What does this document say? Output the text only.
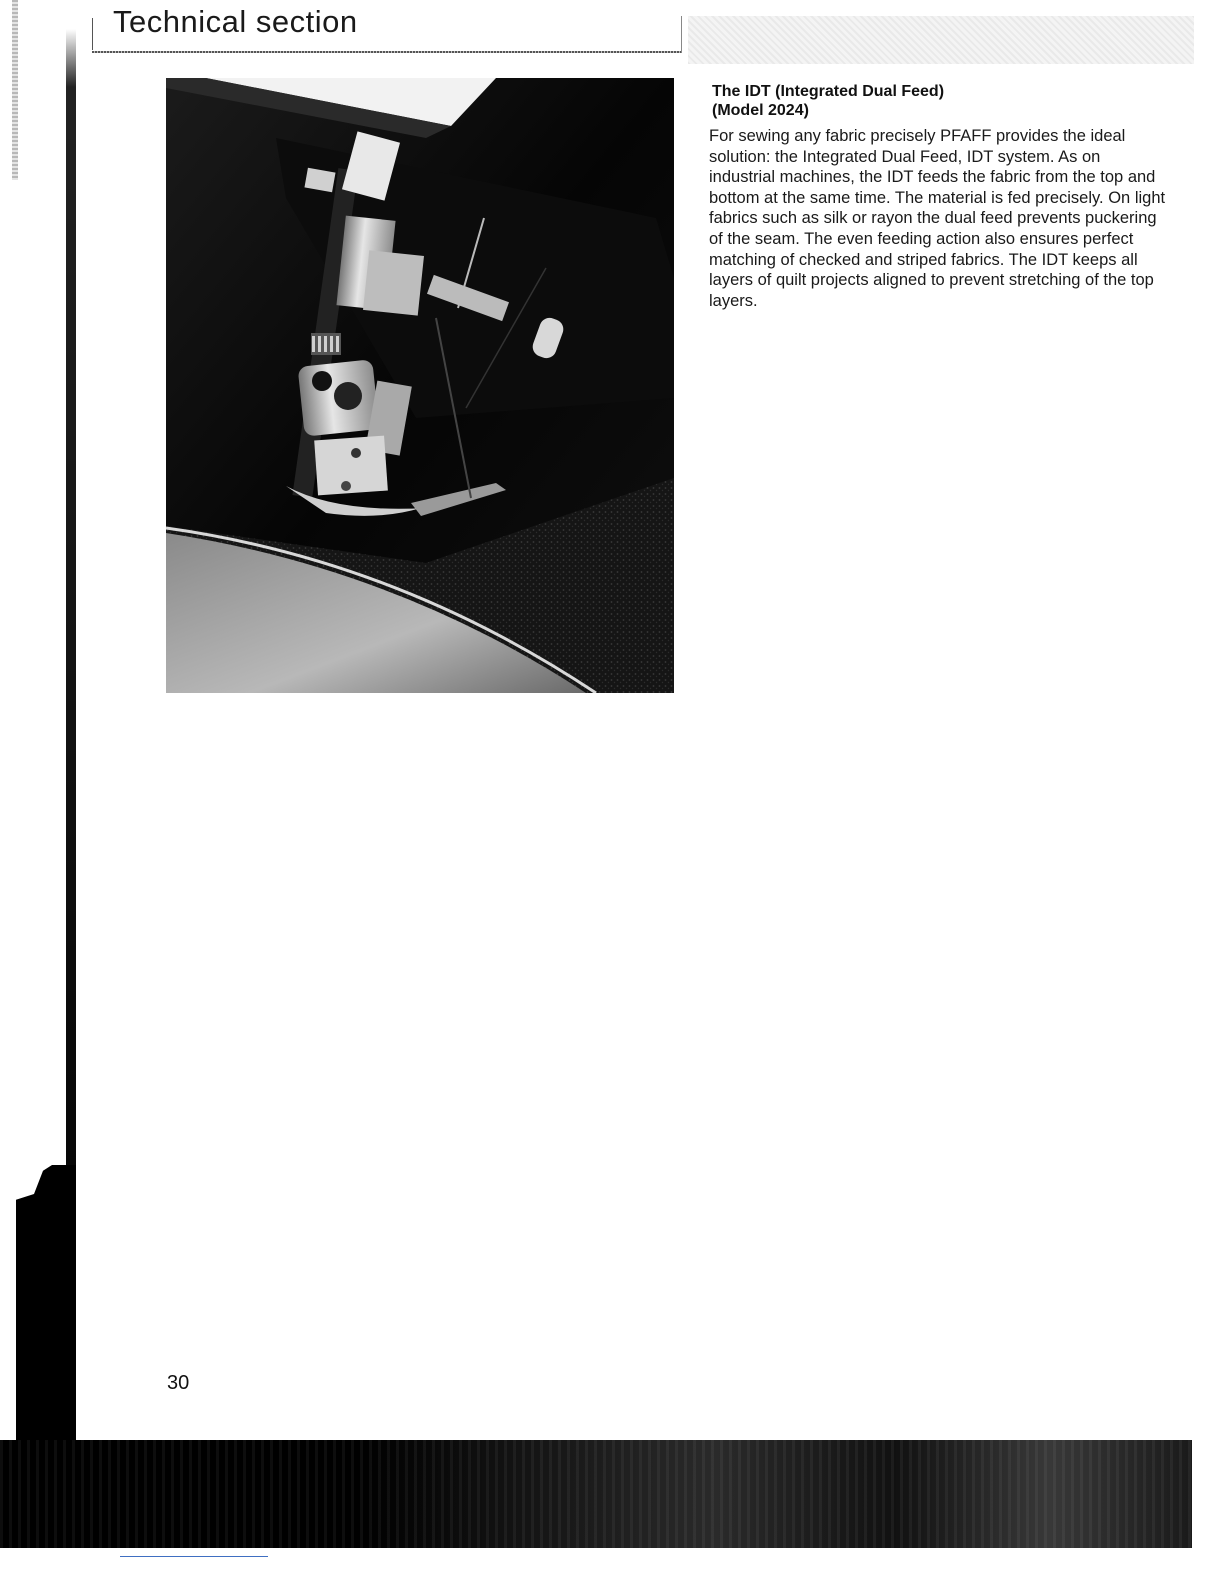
Technical section
The IDT (Integrated Dual Feed)
(Model 2024)

For sewing any fabric precisely PFAFF provides the ideal solution: the Integrated Dual Feed, IDT system. As on industrial machines, the IDT feeds the fabric from the top and bottom at the same time. The material is fed precisely. On light fabrics such as silk or rayon the dual feed prevents puckering of the seam. The even feeding action also ensures perfect matching of checked and striped fabrics. The IDT keeps all layers of quilt projects aligned to prevent stretching of the top layers.

30
